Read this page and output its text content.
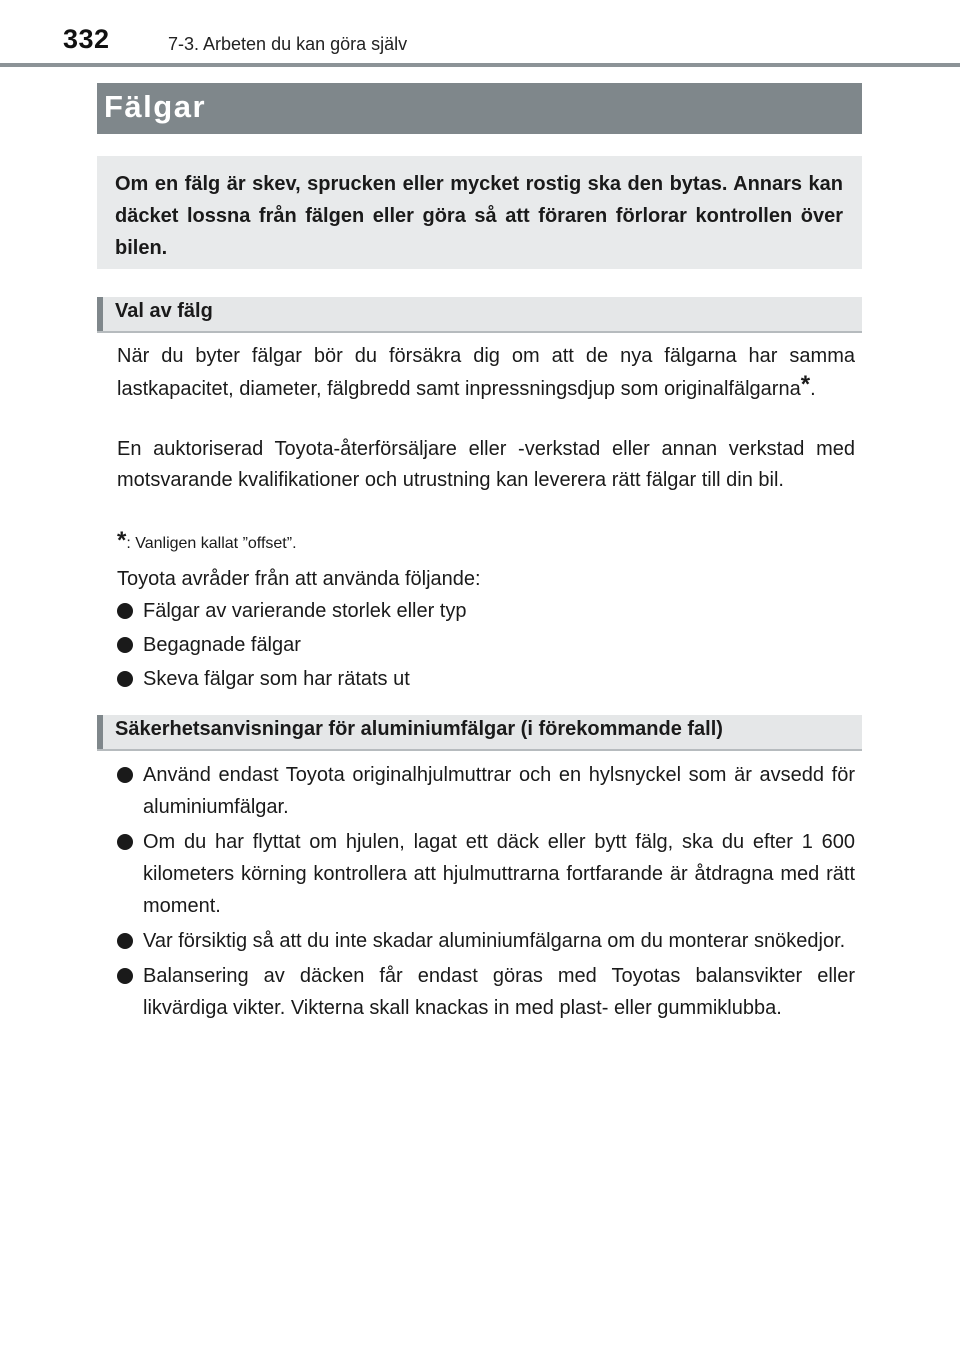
332	7-3. Arbeten du kan göra själv
Fälgar

Om en fälg är skev, sprucken eller mycket rostig ska den bytas. Annars kan däcket lossna från fälgen eller göra så att föraren förlorar kontrollen över bilen.

Val av fälg

När du byter fälgar bör du försäkra dig om att de nya fälgarna har samma lastkapacitet, diameter, fälgbredd samt inpressningsdjup som originalfälgarna*.

En auktoriserad Toyota-återförsäljare eller -verkstad eller annan verkstad med motsvarande kvalifikationer och utrustning kan leverera rätt fälgar till din bil.

*: Vanligen kallat ”offset”.

Toyota avråder från att använda följande:

Fälgar av varierande storlek eller typ
Begagnade fälgar
Skeva fälgar som har rätats ut
Säkerhetsanvisningar för aluminiumfälgar (i förekommande fall)
Använd endast Toyota originalhjulmuttrar och en hylsnyckel som är avsedd för aluminiumfälgar.
Om du har flyttat om hjulen, lagat ett däck eller bytt fälg, ska du efter 1 600 kilometers körning kontrollera att hjulmuttrarna fortfarande är åtdragna med rätt moment.
Var försiktig så att du inte skadar aluminiumfälgarna om du monterar snökedjor.
Balansering av däcken får endast göras med Toyotas balansvikter eller likvärdiga vikter. Vikterna skall knackas in med plast- eller gummiklubba.
